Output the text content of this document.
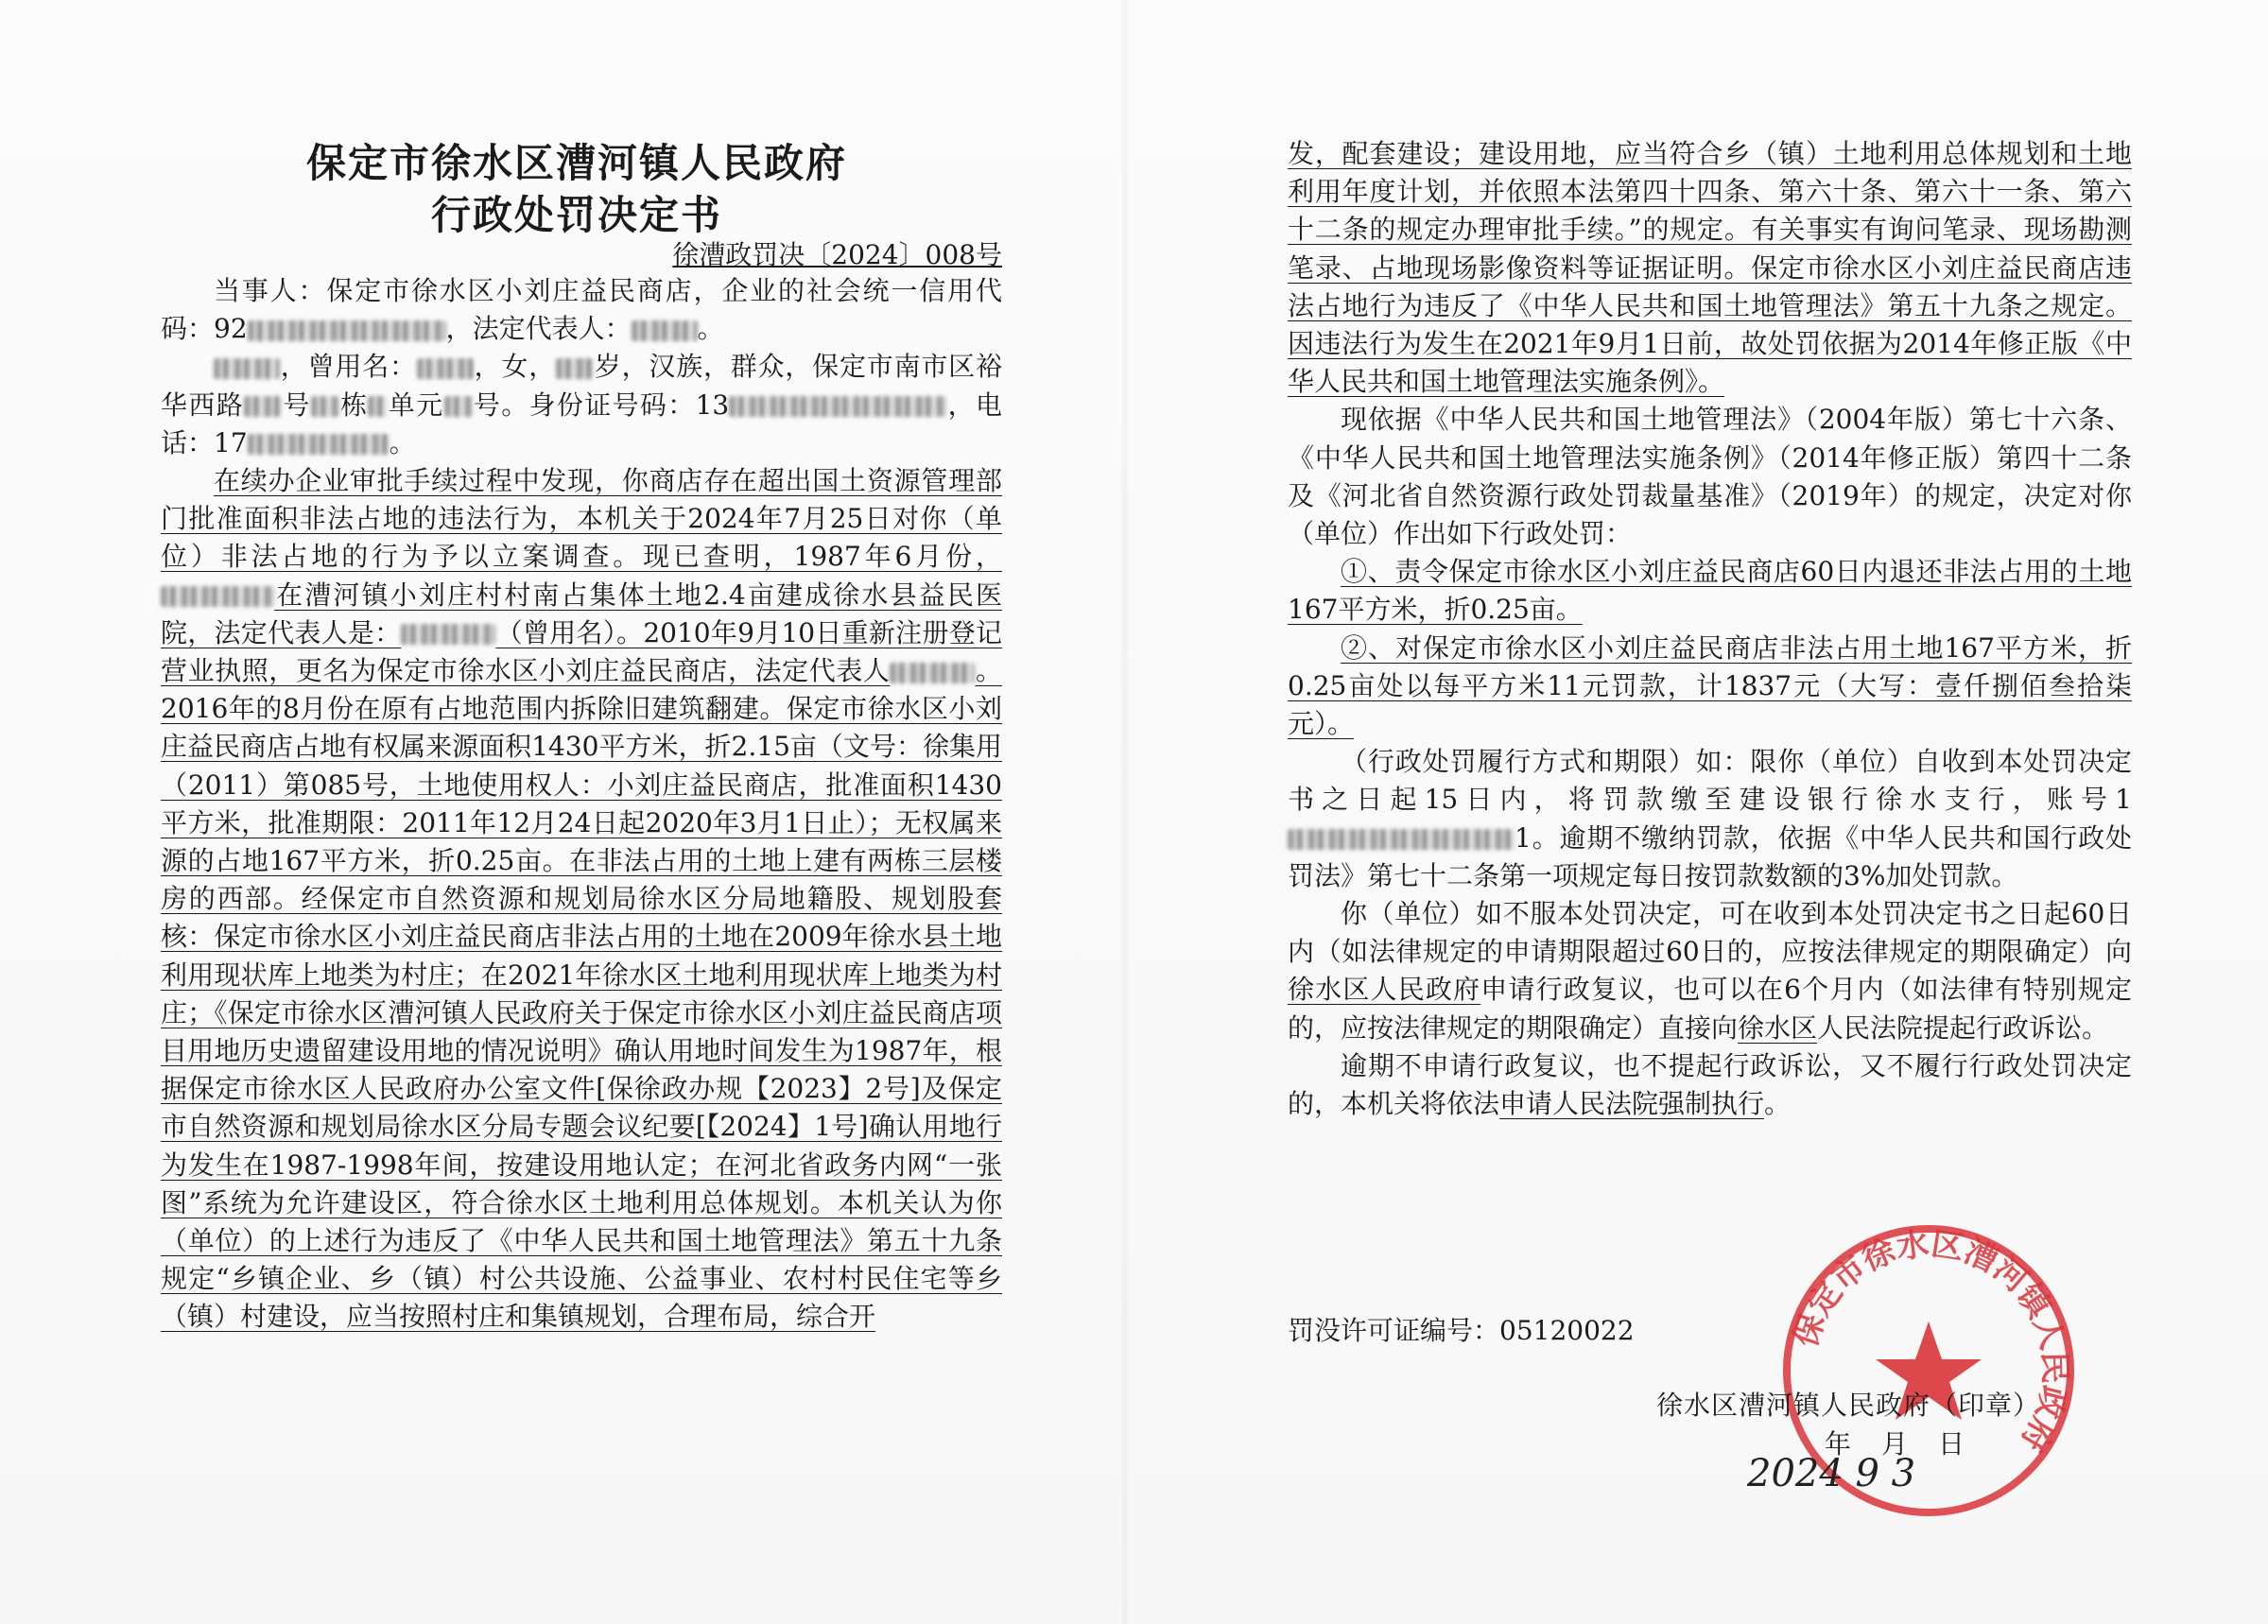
保定市徐水区漕河镇人民政府
行政处罚决定书
徐漕政罚决〔2024〕008号

当事人：保定市徐水区小刘庄益民商店，企业的社会统一信用代码：92	，法定代表人：	。

，曾用名： ，女， 岁，汉族，群众，保定市南市区裕华西路 号 栋 单元 号。身份证号码：13	，电话：17	。

在续办企业审批手续过程中发现，你商店存在超出国土资源管理部门批准面积非法占地的违法行为，本机关于2024年7月25日对你（单位）非法占地的行为予以立案调查。现已查明，1987年6月份，在漕河镇小刘庄村村南占集体土地2.4亩建成徐水县益民医院，法定代表人是：	（曾用名）。2010年9月10日重新注册登记营业执照，更名为保定市徐水区小刘庄益民商店，法定代表人	。2016年的8月份在原有占地范围内拆除旧建筑翻建。保定市徐水区小刘庄益民商店占地有权属来源面积1430平方米，折2.15亩（文号：徐集用（2011）第085号，土地使用权人：小刘庄益民商店，批准面积1430平方米，批准期限：2011年12月24日起2020年3月1日止）；无权属来源的占地167平方米，折0.25亩。在非法占用的土地上建有两栋三层楼房的西部。经保定市自然资源和规划局徐水区分局地籍股、规划股套核：保定市徐水区小刘庄益民商店非法占用的土地在2009年徐水县土地利用现状库上地类为村庄；在2021年徐水区土地利用现状库上地类为村庄；《保定市徐水区漕河镇人民政府关于保定市徐水区小刘庄益民商店项目用地历史遗留建设用地的情况说明》确认用地时间发生为1987年，根据保定市徐水区人民政府办公室文件[保徐政办规【2023】2号]及保定市自然资源和规划局徐水区分局专题会议纪要[【2024】1号]确认用地行为发生在1987-1998年间，按建设用地认定；在河北省政务内网“一张图”系统为允许建设区，符合徐水区土地利用总体规划。本机关认为你（单位）的上述行为违反了《中华人民共和国土地管理法》第五十九条规定“乡镇企业、乡（镇）村公共设施、公益事业、农村村民住宅等乡（镇）村建设，应当按照村庄和集镇规划，合理布局，综合开

发，配套建设；建设用地，应当符合乡（镇）土地利用总体规划和土地利用年度计划，并依照本法第四十四条、第六十条、第六十一条、第六十二条的规定办理审批手续。”的规定。有关事实有询问笔录、现场勘测笔录、占地现场影像资料等证据证明。保定市徐水区小刘庄益民商店违法占地行为违反了《中华人民共和国土地管理法》第五十九条之规定。因违法行为发生在2021年9月1日前，故处罚依据为2014年修正版《中华人民共和国土地管理法实施条例》。

现依据《中华人民共和国土地管理法》（2004年版）第七十六条、《中华人民共和国土地管理法实施条例》（2014年修正版）第四十二条及《河北省自然资源行政处罚裁量基准》（2019年）的规定，决定对你（单位）作出如下行政处罚：

①、责令保定市徐水区小刘庄益民商店60日内退还非法占用的土地167平方米，折0.25亩。

②、对保定市徐水区小刘庄益民商店非法占用土地167平方米，折0.25亩处以每平方米11元罚款，计1837元（大写：壹仟捌佰叁拾柒元）。

（行政处罚履行方式和期限）如：限你（单位）自收到本处罚决定书之日起15日内，将罚款缴至建设银行徐水支行，账号11。逾期不缴纳罚款，依据《中华人民共和国行政处罚法》第七十二条第一项规定每日按罚款数额的3%加处罚款。

你（单位）如不服本处罚决定，可在收到本处罚决定书之日起60日内（如法律规定的申请期限超过60日的，应按法律规定的期限确定）向徐水区人民政府申请行政复议，也可以在6个月内（如法律有特别规定的，应按法律规定的期限确定）直接向徐水区人民法院提起行政诉讼。

逾期不申请行政复议，也不提起行政诉讼，又不履行行政处罚决定的，本机关将依法申请人民法院强制执行。

罚没许可证编号：05120022	保定市徐水区漕河镇人民政府
徐水区漕河镇人民政府（印章）
年　月　日
2024 9 3
